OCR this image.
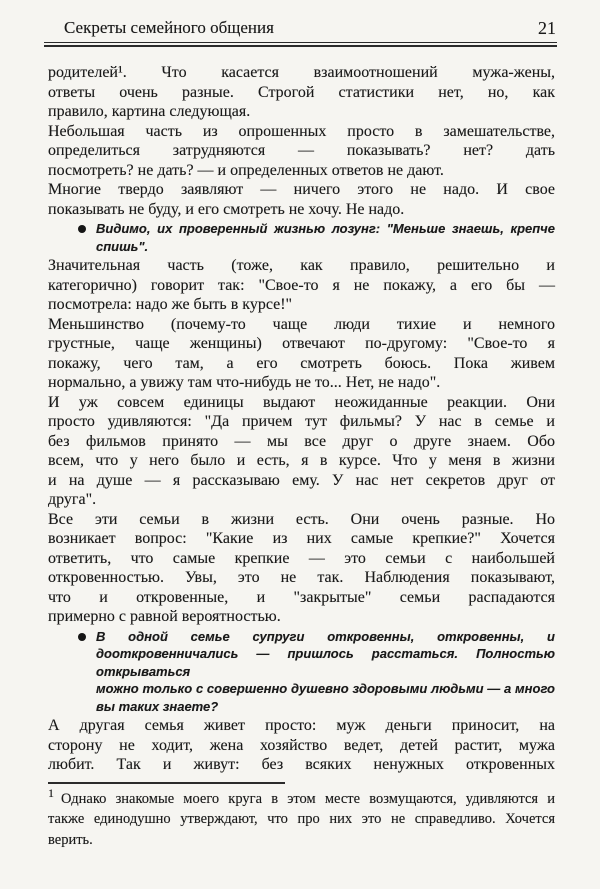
Секреты семейного общения	21
родителей¹. Что касается взаимоотношений мужа-жены,
ответы очень разные. Строгой статистики нет, но, как
правило, картина следующая.
Небольшая часть из опрошенных просто в замешательстве,
определиться затрудняются — показывать? нет? дать
посмотреть? не дать? — и определенных ответов не дают.
Многие твердо заявляют — ничего этого не надо. И свое
показывать не буду, и его смотреть не хочу. Не надо.
Видимо, их проверенный жизнью лозунг: "Меньше знаешь, крепче
спишь".
Значительная часть (тоже, как правило, решительно и
категорично) говорит так: "Свое-то я не покажу, а его бы —
посмотрела: надо же быть в курсе!"
Меньшинство (почему-то чаще люди тихие и немного
грустные, чаще женщины) отвечают по-другому: "Свое-то я
покажу, чего там, а его смотреть боюсь. Пока живем
нормально, а увижу там что-нибудь не то... Нет, не надо".
И уж совсем единицы выдают неожиданные реакции. Они
просто удивляются: "Да причем тут фильмы? У нас в семье и
без фильмов принято — мы все друг о друге знаем. Обо
всем, что у него было и есть, я в курсе. Что у меня в жизни
и на душе — я рассказываю ему. У нас нет секретов друг от
друга".
Все эти семьи в жизни есть. Они очень разные. Но
возникает вопрос: "Какие из них самые крепкие?" Хочется
ответить, что самые крепкие — это семьи с наибольшей
откровенностью. Увы, это не так. Наблюдения показывают,
что и откровенные, и "закрытые" семьи распадаются
примерно с равной вероятностью.
В одной семье супруги откровенны, откровенны, и
дооткровенничались — пришлось расстаться. Полностью открываться
можно только с совершенно душевно здоровыми людьми — а много
вы таких знаете?
А другая семья живет просто: муж деньги приносит, на
сторону не ходит, жена хозяйство ведет, детей растит, мужа
любит. Так и живут: без всяких ненужных откровенных
$^1$ Однако знакомые моего круга в этом месте возмущаются, удивляются и
также единодушно утверждают, что про них это не справедливо. Хочется
верить.
